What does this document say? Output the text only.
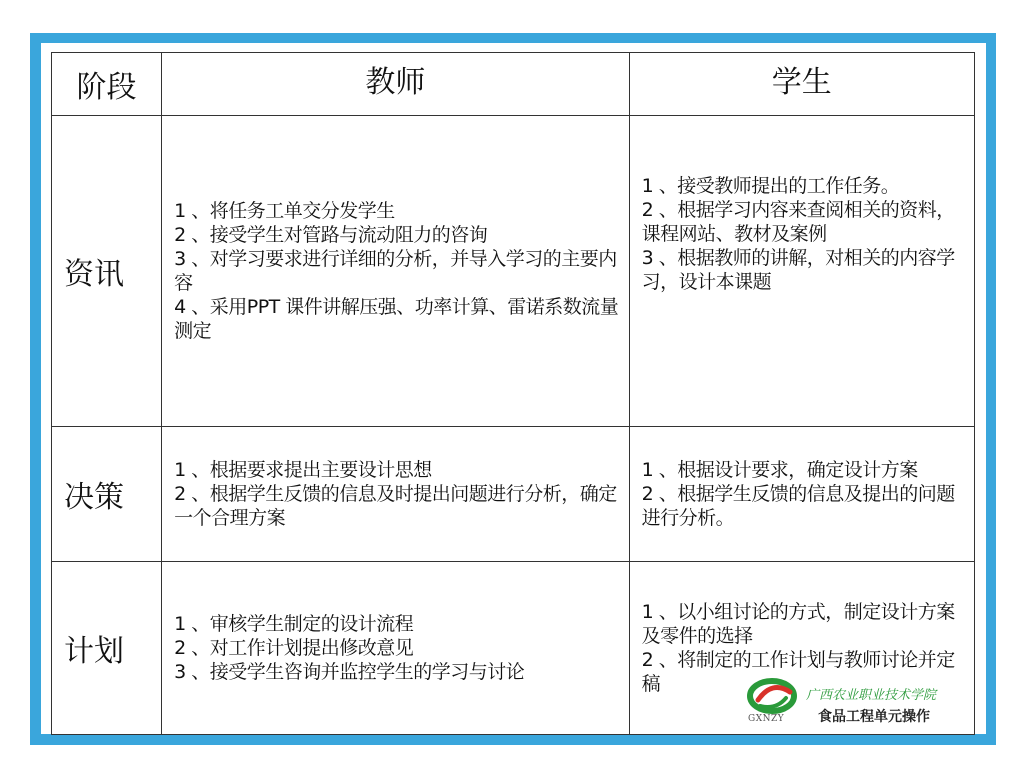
阶段	教师	学生
资讯	1 、将任务工单交分发学生
2 、接受学生对管路与流动阻力的咨询
3 、对学习要求进行详细的分析，并导入学习的主要内容
4 、采用PPT 课件讲解压强、功率计算、雷诺系数流量测定	1 、接受教师提出的工作任务。
2 、根据学习内容来查阅相关的资料，课程网站、教材及案例
3 、根据教师的讲解，对相关的内容学习，设计本课题

决策	1 、根据要求提出主要设计思想
2 、根据学生反馈的信息及时提出问题进行分析，确定一个合理方案	1 、根据设计要求，确定设计方案
2 、根据学生反馈的信息及提出的问题进行分析。

计划	1 、审核学生制定的设计流程
2 、对工作计划提出修改意见
3 、接受学生咨询并监控学生的学习与讨论	1 、以小组讨论的方式，制定设计方案及零件的选择
2 、将制定的工作计划与教师讨论并定稿
GXNZY
广西农业职业技术学院
食品工程单元操作
